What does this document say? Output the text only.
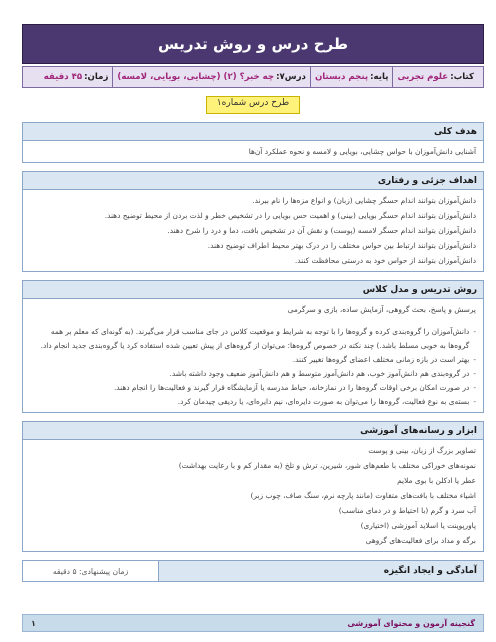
طرح درس و روش تدریس
کتاب:
علوم تجربی
پایه:
پنجم دبستان
درس۷:
چه خبر؟ (۲) (چشایی، بویایی، لامسه)
زمان:
۴۵ دقیقه
طرح درس شماره۱
هدف کلی
آشنایی دانش‌آموزان با حواس چشایی، بویایی و لامسه و نحوه عملکرد آن‌ها
اهداف جزئی و رفتاری
دانش‌آموزان بتوانند اندام حسگر چشایی (زبان) و انواع مزه‌ها را نام ببرند.
دانش‌آموزان بتوانند اندام حسگر بویایی (بینی) و اهمیت حس بویایی را در تشخیص خطر و لذت بردن از محیط توضیح دهند.
دانش‌آموزان بتوانند اندام حسگر لامسه (پوست) و نقش آن در تشخیص بافت، دما و درد را شرح دهند.
دانش‌آموزان بتوانند ارتباط بین حواس مختلف را در درک بهتر محیط اطراف توضیح دهند.
دانش‌آموزان بتوانند از حواس خود به درستی محافظت کنند.
روش تدریس و مدل کلاس
پرسش و پاسخ، بحث گروهی، آزمایش ساده، بازی و سرگرمی
-
دانش‌آموزان را گروه‌بندی کرده و گروه‌ها را با توجه به شرایط و موقعیت کلاس در جای مناسب قرار می‌گیرند. (به گونه‌ای که معلم بر همه گروه‌ها به خوبی مسلط باشد.) چند نکته در خصوص گروه‌ها: می‌توان از گروه‌های از پیش تعیین شده استفاده کرد یا گروه‌بندی جدید انجام داد.
-
بهتر است در بازه زمانی مختلف اعضای گروه‌ها تغییر کنند.
-
در گروه‌بندی هم دانش‌آموز خوب، هم دانش‌آموز متوسط و هم دانش‌آموز ضعیف وجود داشته باشد.
-
در صورت امکان برخی اوقات گروه‌ها را در نمازخانه، حیاط مدرسه یا آزمایشگاه قرار گیرند و فعالیت‌ها را انجام دهند.
-
بسته‌ی به نوع فعالیت، گروه‌ها را می‌توان به صورت دایره‌ای، نیم دایره‌ای، یا ردیفی چیدمان کرد.
ابزار و رسانه‌های آموزشی
تصاویر بزرگ از زبان، بینی و پوست
نمونه‌های خوراکی مختلف با طعم‌های شور، شیرین، ترش و تلخ (به مقدار کم و با رعایت بهداشت)
عطر یا ادکلن با بوی ملایم
اشیاء مختلف با بافت‌های متفاوت (مانند پارچه نرم، سنگ صاف، چوب زبر)
آب سرد و گرم (با احتیاط و در دمای مناسب)
پاورپوینت یا اسلاید آموزشی (اختیاری)
برگه و مداد برای فعالیت‌های گروهی
آمادگی و ایجاد انگیزه
زمان پیشنهادی: ۵ دقیقه
گنجینه آزمون و محتوای آموزشی
۱
